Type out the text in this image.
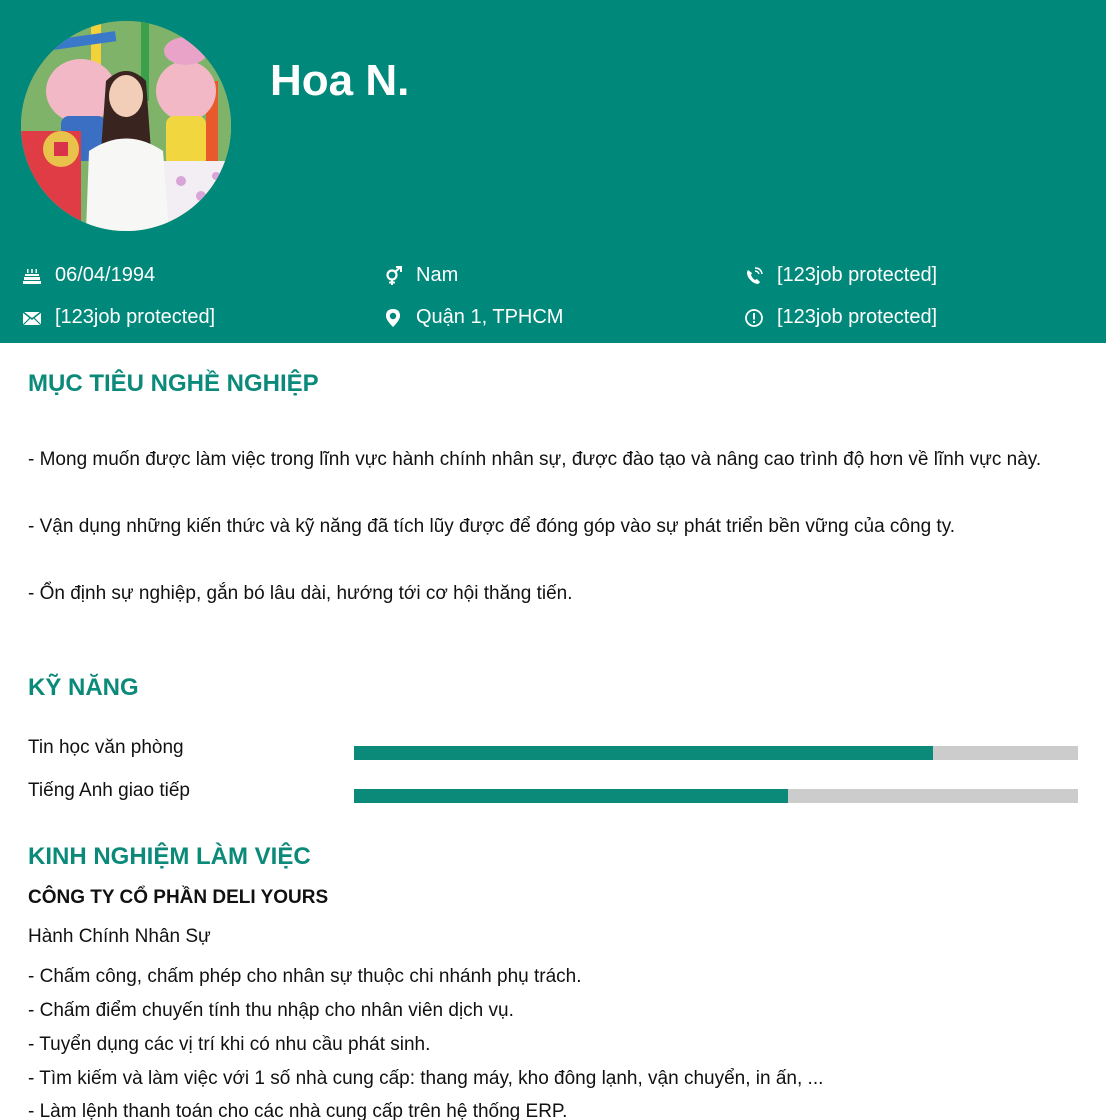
Hoa N.
06/04/1994	Nam	[123job protected]
[123job protected]	Quận 1, TPHCM	[123job protected]
MỤC TIÊU NGHỀ NGHIỆP
- Mong muốn được làm việc trong lĩnh vực hành chính nhân sự, được đào tạo và nâng cao trình độ hơn về lĩnh vực này.
- Vận dụng những kiến thức và kỹ năng đã tích lũy được để đóng góp vào sự phát triển bền vững của công ty.
- Ổn định sự nghiệp, gắn bó lâu dài, hướng tới cơ hội thăng tiến.
KỸ NĂNG
Tin học văn phòng
Tiếng Anh giao tiếp
KINH NGHIỆM LÀM VIỆC
CÔNG TY CỔ PHẦN DELI YOURS
Hành Chính Nhân Sự
- Chấm công, chấm phép cho nhân sự thuộc chi nhánh phụ trách.
- Chấm điểm chuyến tính thu nhập cho nhân viên dịch vụ.
- Tuyển dụng các vị trí khi có nhu cầu phát sinh.
- Tìm kiếm và làm việc với 1 số nhà cung cấp: thang máy, kho đông lạnh, vận chuyển, in ấn, ...
- Làm lệnh thanh toán cho các nhà cung cấp trên hệ thống ERP.
